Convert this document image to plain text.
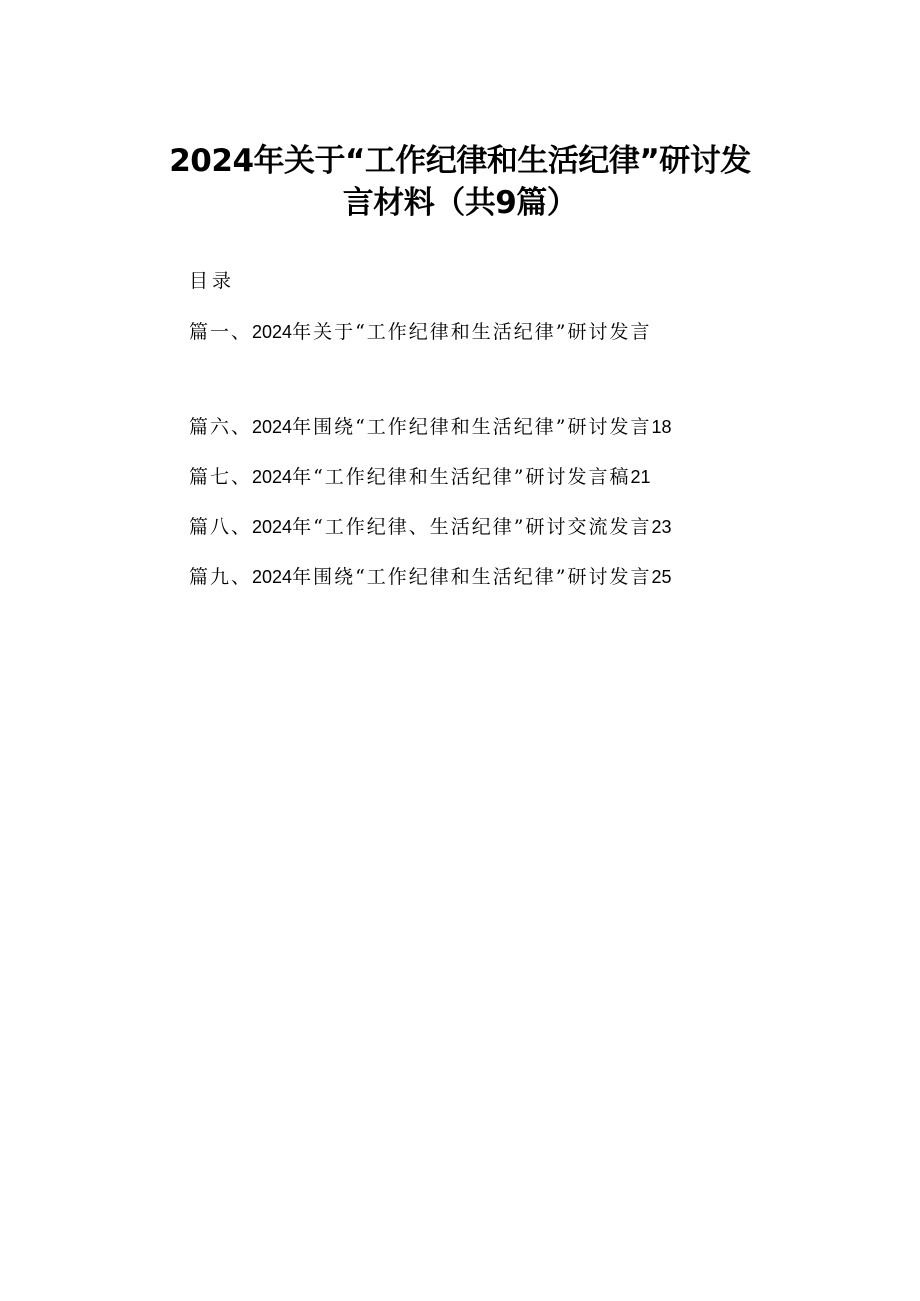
2024年关于“工作纪律和生活纪律”研讨发
言材料（共9篇）
目录
篇一、2024年关于“工作纪律和生活纪律”研讨发言
篇六、2024年围绕“工作纪律和生活纪律”研讨发言18
篇七、2024年“工作纪律和生活纪律”研讨发言稿21
篇八、2024年“工作纪律、生活纪律”研讨交流发言23
篇九、2024年围绕“工作纪律和生活纪律”研讨发言25
